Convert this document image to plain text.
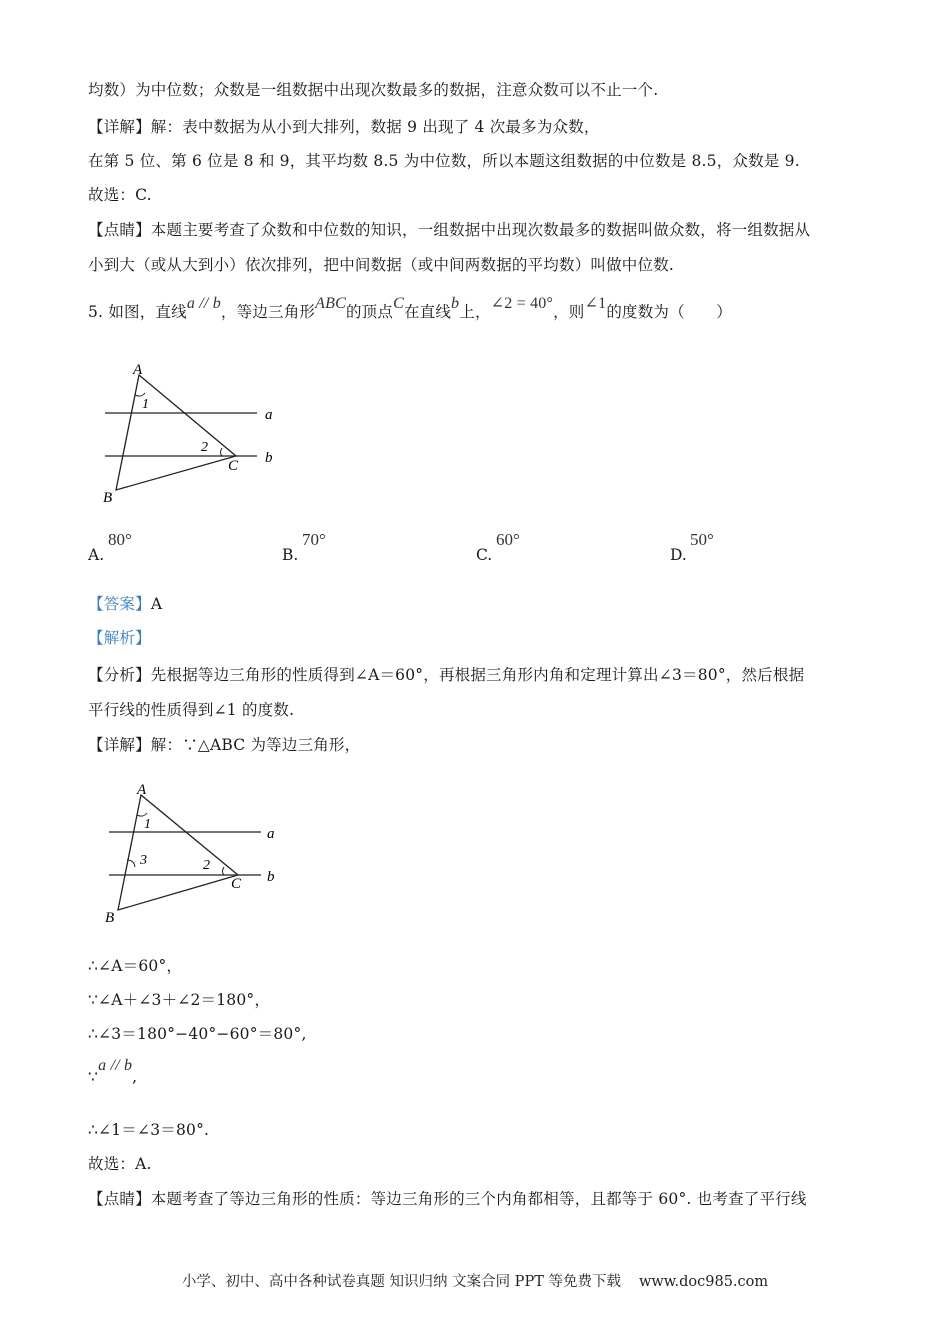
均数）为中位数；众数是一组数据中出现次数最多的数据，注意众数可以不止一个.
【详解】解：表中数据为从小到大排列，数据 9 出现了 4 次最多为众数，
在第 5 位、第 6 位是 8 和 9，其平均数 8.5 为中位数，所以本题这组数据的中位数是 8.5，众数是 9.
故选：C.
【点睛】本题主要考查了众数和中位数的知识，一组数据中出现次数最多的数据叫做众数，将一组数据从
小到大（或从大到小）依次排列，把中间数据（或中间两数据的平均数）叫做中位数.
5. 如图，直线a // b，等边三角形ABC的顶点C在直线b上，∠2 = 40°，则∠1的度数为（　　）
A
B
C
a
b
1
2
A.
80°
B.
70°
C.
60°
D.
50°
【答案】A
【解析】
【分析】先根据等边三角形的性质得到∠A＝60°，再根据三角形内角和定理计算出∠3＝80°，然后根据
平行线的性质得到∠1 的度数.
【详解】解：∵△ABC 为等边三角形，
A
B
C
a
b
1
2
3
∴∠A＝60°，
∵∠A＋∠3＋∠2＝180°，
∴∠3＝180°−40°−60°＝80°,
∵a // b,
∴∠1＝∠3＝80°.
故选：A.
【点睛】本题考查了等边三角形的性质：等边三角形的三个内角都相等，且都等于 60°. 也考查了平行线
小学、初中、高中各种试卷真题 知识归纳 文案合同 PPT 等免费下载 www.doc985.com
